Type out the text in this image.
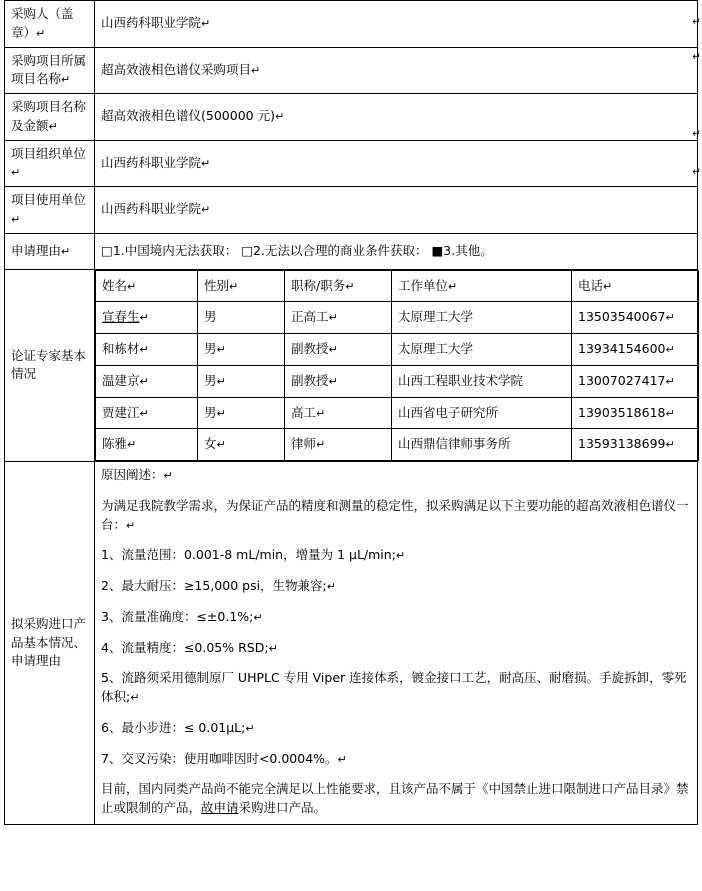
采购人（盖章）↵	山西药科职业学院↵
采购项目所属项目名称↵	超高效液相色谱仪采购项目↵
采购项目名称及金额↵	超高效液相色谱仪(500000 元)↵
项目组织单位↵	山西药科职业学院↵
项目使用单位↵	山西药科职业学院↵
申请理由↵	□1.中国境内无法获取： □2.无法以合理的商业条件获取： ■3.其他。
论证专家基本情况	
姓名↵	性别↵	职称/职务↵	工作单位↵	电话↵
宣春生↵	男	正高工↵	太原理工大学	13503540067↵
和栋材↵	男↵	副教授↵	太原理工大学	13934154600↵
温建京↵	男↵	副教授↵	山西工程职业技术学院	13007027417↵
贾建江↵	男↵	高工↵	山西省电子研究所	13903518618↵
陈雅↵	女↵	律师↵	山西鼎信律师事务所	13593138699↵

拟采购进口产品基本情况、申请理由	

原因阐述：↵

为满足我院教学需求，为保证产品的精度和测量的稳定性，拟采购满足以下主要功能的超高效液相色谱仪一台：↵

1、流量范围：0.001-8 mL/min，增量为 1 µL/min;↵

2、最大耐压：≥15,000 psi，生物兼容;↵

3、流量准确度：≤±0.1%;↵

4、流量精度：≤0.05% RSD;↵

5、流路须采用德制原厂 UHPLC 专用 Viper 连接体系，镀金接口工艺，耐高压、耐磨损。手旋拆卸，零死体积;↵

6、最小步进：≤ 0.01µL;↵

7、交叉污染：使用咖啡因时<0.0004%。↵

目前，国内同类产品尚不能完全满足以上性能要求，且该产品不属于《中国禁止进口限制进口产品目录》禁止或限制的产品，故申请采购进口产品。

↵
↵
↵
↵
